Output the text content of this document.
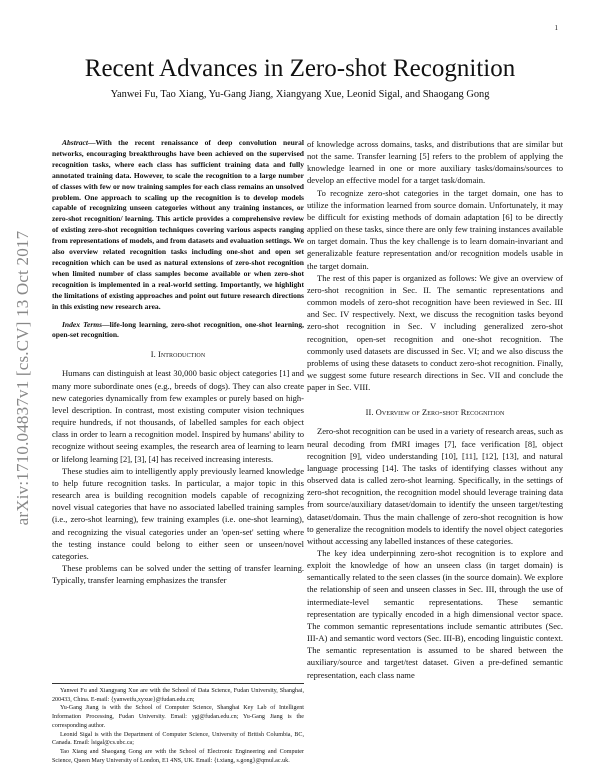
1
arXiv:1710.04837v1 [cs.CV] 13 Oct 2017
Recent Advances in Zero-shot Recognition
Yanwei Fu, Tao Xiang, Yu-Gang Jiang, Xiangyang Xue, Leonid Sigal, and Shaogang Gong

Abstract—With the recent renaissance of deep convolution neural networks, encouraging breakthroughs have been achieved on the supervised recognition tasks, where each class has sufficient training data and fully annotated training data. However, to scale the recognition to a large number of classes with few or now training samples for each class remains an unsolved problem. One approach to scaling up the recognition is to develop models capable of recognizing unseen categories without any training instances, or zero-shot recognition/ learning. This article provides a comprehensive review of existing zero-shot recognition techniques covering various aspects ranging from representations of models, and from datasets and evaluation settings. We also overview related recognition tasks including one-shot and open set recognition which can be used as natural extensions of zero-shot recognition when limited number of class samples become available or when zero-shot recognition is implemented in a real-world setting. Importantly, we highlight the limitations of existing approaches and point out future research directions in this existing new research area.

Index Terms—life-long learning, zero-shot recognition, one-shot learning, open-set recognition.

I. Introduction

Humans can distinguish at least 30,000 basic object categories [1] and many more subordinate ones (e.g., breeds of dogs). They can also create new categories dynamically from few examples or purely based on high-level description. In contrast, most existing computer vision techniques require hundreds, if not thousands, of labelled samples for each object class in order to learn a recognition model. Inspired by humans' ability to recognize without seeing examples, the research area of learning to learn or lifelong learning [2], [3], [4] has received increasing interests.

These studies aim to intelligently apply previously learned knowledge to help future recognition tasks. In particular, a major topic in this research area is building recognition models capable of recognizing novel visual categories that have no associated labelled training samples (i.e., zero-shot learning), few training examples (i.e. one-shot learning), and recognizing the visual categories under an 'open-set' setting where the testing instance could belong to either seen or unseen/novel categories.

These problems can be solved under the setting of transfer learning. Typically, transfer learning emphasizes the transfer

Yanwei Fu and Xiangyang Xue are with the School of Data Science, Fudan University, Shanghai, 200433, China. E-mail: {yanweifu,xyxue}@fudan.edu.cn;

Yu-Gang Jiang is with the School of Computer Science, Shanghai Key Lab of Intelligent Information Processing, Fudan University. Email: ygj@fudan.edu.cn; Yu-Gang Jiang is the corresponding author.

Leonid Sigal is with the Department of Computer Science, University of British Columbia, BC, Canada. Email: lsigal@cs.ubc.ca;

Tao Xiang and Shaogang Gong are with the School of Electronic Engineering and Computer Science, Queen Mary University of London, E1 4NS, UK. Email: {t.xiang, s.gong}@qmul.ac.uk.

of knowledge across domains, tasks, and distributions that are similar but not the same. Transfer learning [5] refers to the problem of applying the knowledge learned in one or more auxiliary tasks/domains/sources to develop an effective model for a target task/domain.

To recognize zero-shot categories in the target domain, one has to utilize the information learned from source domain. Unfortunately, it may be difficult for existing methods of domain adaptation [6] to be directly applied on these tasks, since there are only few training instances available on target domain. Thus the key challenge is to learn domain-invariant and generalizable feature representation and/or recognition models usable in the target domain.

The rest of this paper is organized as follows: We give an overview of zero-shot recognition in Sec. II. The semantic representations and common models of zero-shot recognition have been reviewed in Sec. III and Sec. IV respectively. Next, we discuss the recognition tasks beyond zero-shot recognition in Sec. V including generalized zero-shot recognition, open-set recognition and one-shot recognition. The commonly used datasets are discussed in Sec. VI; and we also discuss the problems of using these datasets to conduct zero-shot recognition. Finally, we suggest some future research directions in Sec. VII and conclude the paper in Sec. VIII.

II. Overview of Zero-shot Recognition

Zero-shot recognition can be used in a variety of research areas, such as neural decoding from fMRI images [7], face verification [8], object recognition [9], video understanding [10], [11], [12], [13], and natural language processing [14]. The tasks of identifying classes without any observed data is called zero-shot learning. Specifically, in the settings of zero-shot recognition, the recognition model should leverage training data from source/auxiliary dataset/domain to identify the unseen target/testing dataset/domain. Thus the main challenge of zero-shot recognition is how to generalize the recognition models to identify the novel object categories without accessing any labelled instances of these categories.

The key idea underpinning zero-shot recognition is to explore and exploit the knowledge of how an unseen class (in target domain) is semantically related to the seen classes (in the source domain). We explore the relationship of seen and unseen classes in Sec. III, through the use of intermediate-level semantic representations. These semantic representation are typically encoded in a high dimensional vector space. The common semantic representations include semantic attributes (Sec. III-A) and semantic word vectors (Sec. III-B), encoding linguistic context. The semantic representation is assumed to be shared between the auxiliary/source and target/test dataset. Given a pre-defined semantic representation, each class name
